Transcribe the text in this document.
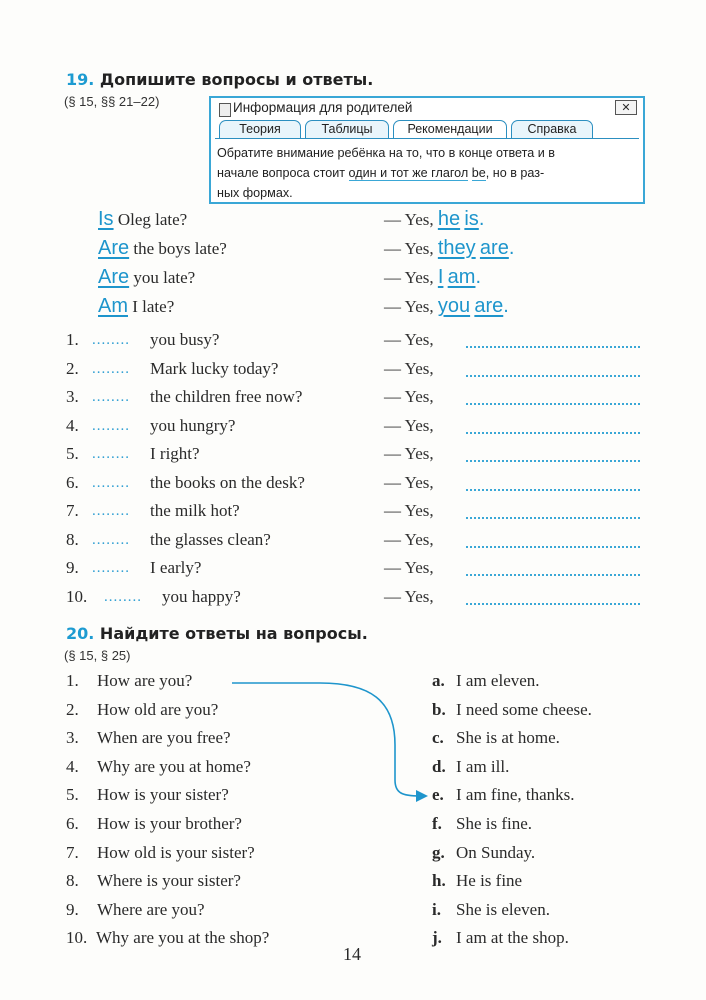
19. Допишите вопросы и ответы.
(§ 15, §§ 21–22)	Информация для родителей	✕
Теория	Таблицы	Рекомендации	Справка
Обратите внимание ребёнка на то, что в конце ответа и в
начале вопроса стоит один и тот же глагол be, но в раз-
ных формах.
Is Oleg late?	— Yes, he is.
Are the boys late?	— Yes, they are.
Are you late?	— Yes, I am.
Am I late?	— Yes, you are.
1. ........ you busy?	— Yes,
2. ........ Mark lucky today?	— Yes,
3. ........ the children free now?	— Yes,
4. ........ you hungry?	— Yes,
5. ........ I right?	— Yes,
6. ........ the books on the desk?	— Yes,
7. ........ the milk hot?	— Yes,
8. ........ the glasses clean?	— Yes,
9. ........ I early?	— Yes,
10. ........ you happy?	— Yes,
20. Найдите ответы на вопросы.
(§ 15, § 25)
1. How are you?	a. I am eleven.
2. How old are you?	b. I need some cheese.
3. When are you free?	c. She is at home.
4. Why are you at home?	d. I am ill.
5. How is your sister?	e. I am fine, thanks.
6. How is your brother?	f. She is fine.
7. How old is your sister?	g. On Sunday.
8. Where is your sister?	h. He is fine
9. Where are you?	i. She is eleven.
10. Why are you at the shop?	j. I am at the shop.
14
